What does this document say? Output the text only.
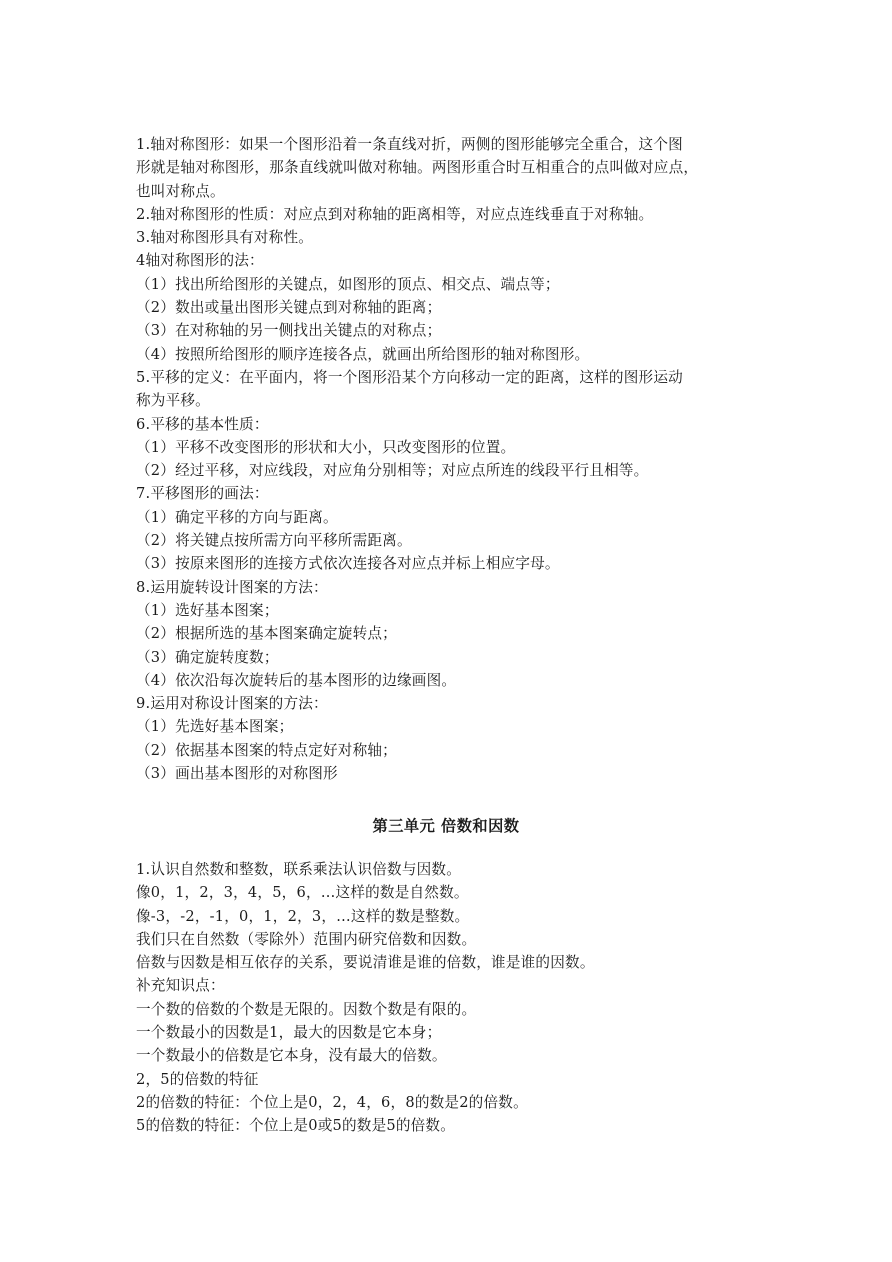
1.轴对称图形：如果一个图形沿着一条直线对折，两侧的图形能够完全重合，这个图
形就是轴对称图形，那条直线就叫做对称轴。两图形重合时互相重合的点叫做对应点，
也叫对称点。
2.轴对称图形的性质：对应点到对称轴的距离相等，对应点连线垂直于对称轴。
3.轴对称图形具有对称性。
4轴对称图形的法：
（1）找出所给图形的关键点，如图形的顶点、相交点、端点等；
（2）数出或量出图形关键点到对称轴的距离；
（3）在对称轴的另一侧找出关键点的对称点；
（4）按照所给图形的顺序连接各点，就画出所给图形的轴对称图形。
5.平移的定义：在平面内，将一个图形沿某个方向移动一定的距离，这样的图形运动
称为平移。
6.平移的基本性质：
（1）平移不改变图形的形状和大小，只改变图形的位置。
（2）经过平移，对应线段，对应角分别相等；对应点所连的线段平行且相等。
7.平移图形的画法：
（1）确定平移的方向与距离。
（2）将关键点按所需方向平移所需距离。
（3）按原来图形的连接方式依次连接各对应点并标上相应字母。
8.运用旋转设计图案的方法：
（1）选好基本图案；
（2）根据所选的基本图案确定旋转点；
（3）确定旋转度数；
（4）依次沿每次旋转后的基本图形的边缘画图。
9.运用对称设计图案的方法：
（1）先选好基本图案；
（2）依据基本图案的特点定好对称轴；
（3）画出基本图形的对称图形
第三单元 倍数和因数
1.认识自然数和整数，联系乘法认识倍数与因数。
像0，1，2，3，4，5，6，…这样的数是自然数。
像-3，-2，-1，0，1，2，3，…这样的数是整数。
我们只在自然数（零除外）范围内研究倍数和因数。
倍数与因数是相互依存的关系，要说清谁是谁的倍数，谁是谁的因数。
补充知识点：
一个数的倍数的个数是无限的。因数个数是有限的。
一个数最小的因数是1，最大的因数是它本身；
一个数最小的倍数是它本身，没有最大的倍数。
2，5的倍数的特征
2的倍数的特征：个位上是0，2，4，6，8的数是2的倍数。
5的倍数的特征：个位上是0或5的数是5的倍数。
